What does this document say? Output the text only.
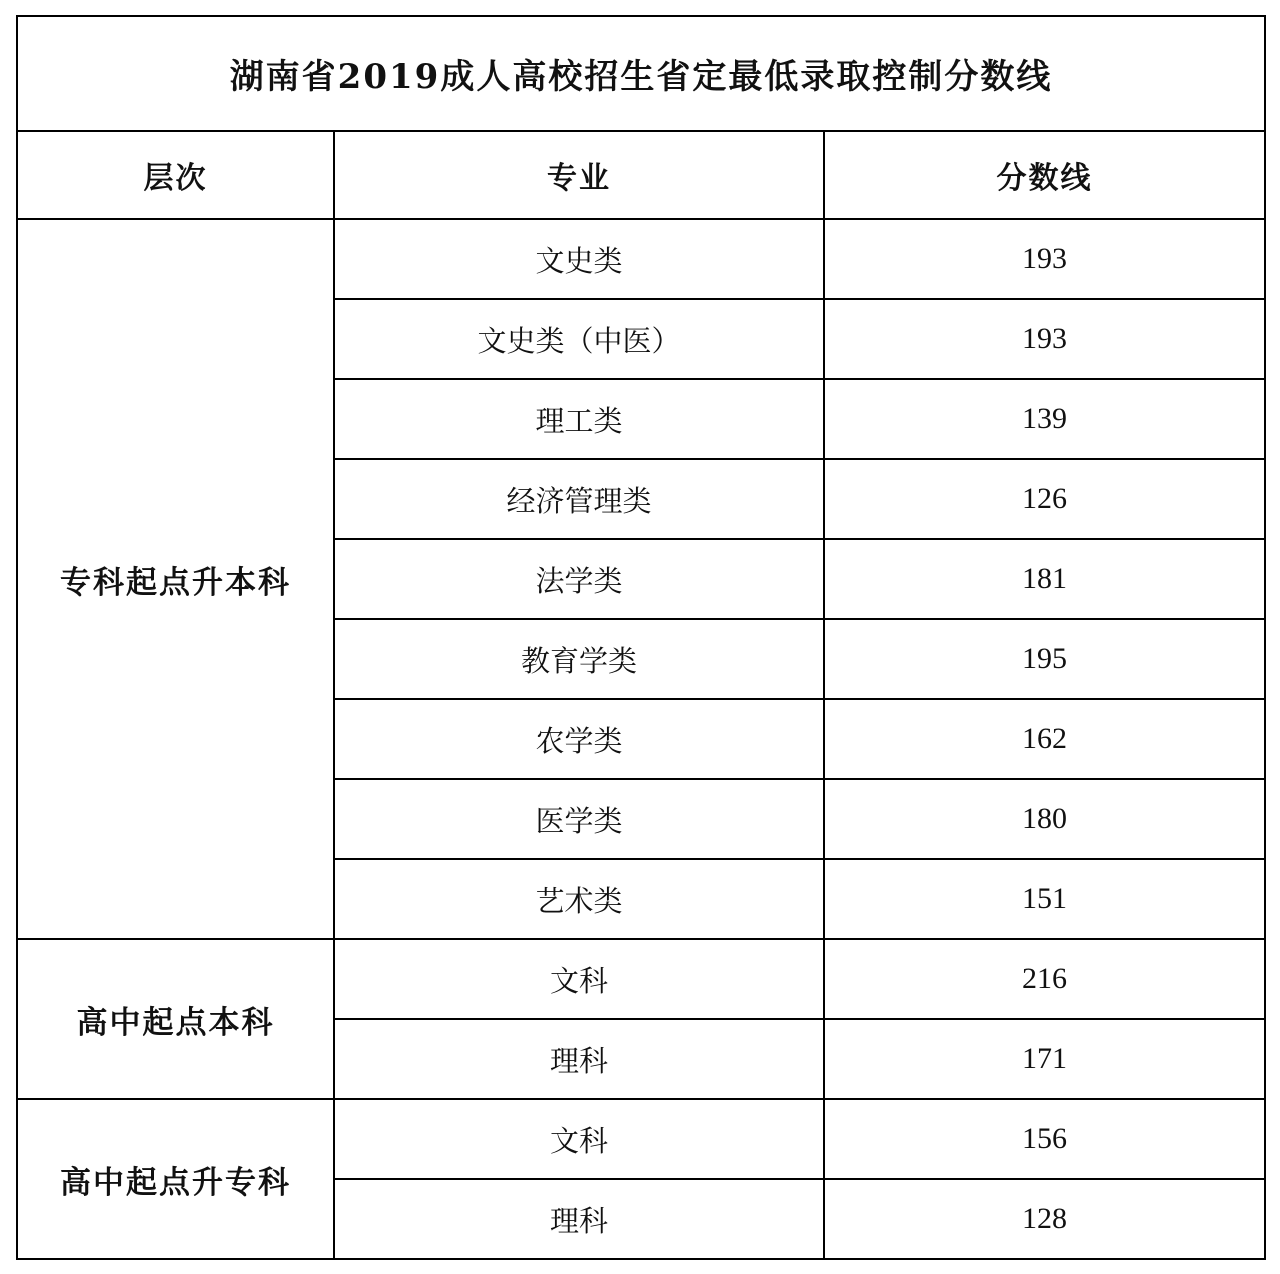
湖南省2019成人高校招生省定最低录取控制分数线		
层次	专业	分数线
专科起点升本科	文史类	193
	文史类（中医）	193
	理工类	139
	经济管理类	126
	法学类	181
	教育学类	195
	农学类	162
	医学类	180
	艺术类	151
高中起点本科	文科	216
	理科	171
高中起点升专科	文科	156
	理科	128
